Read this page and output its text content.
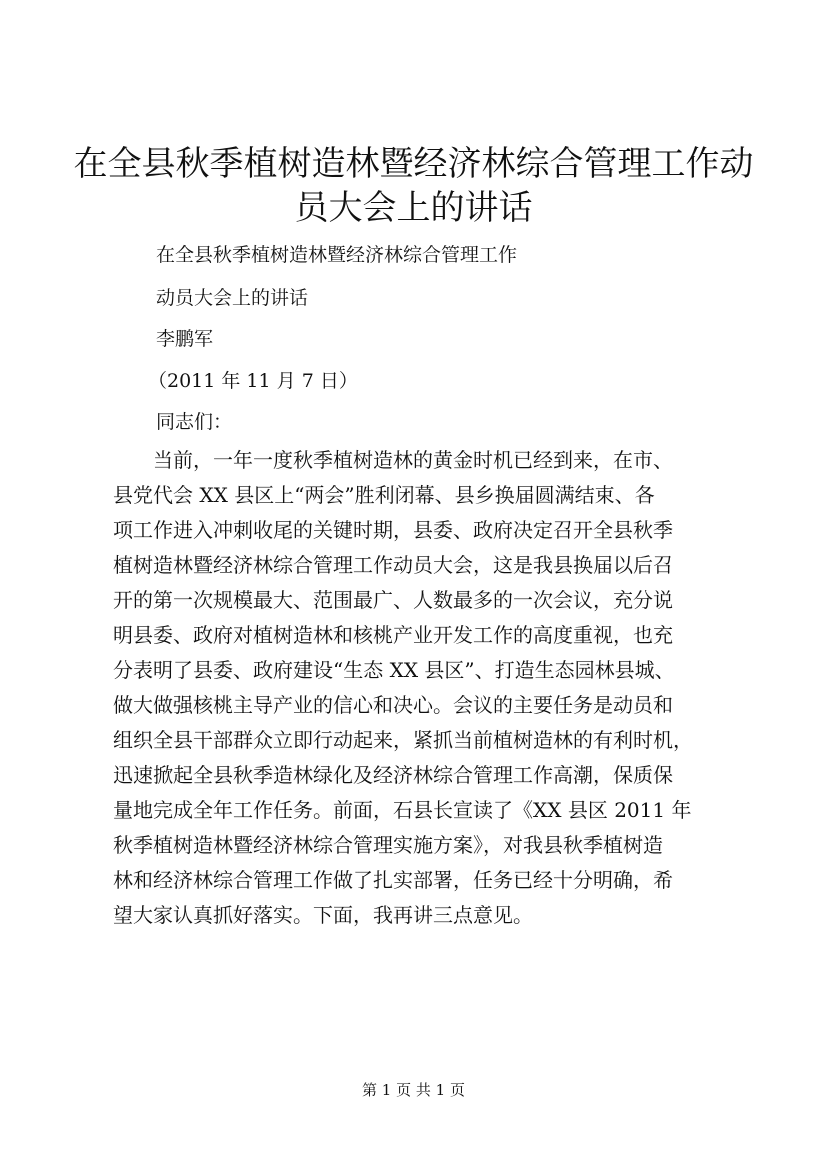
在全县秋季植树造林暨经济林综合管理工作动
员大会上的讲话
在全县秋季植树造林暨经济林综合管理工作
动员大会上的讲话
李鹏军
（2011 年 11 月 7 日）
同志们：
当前，一年一度秋季植树造林的黄金时机已经到来，在市、
县党代会 XX 县区上“两会”胜利闭幕、县乡换届圆满结束、各
项工作进入冲刺收尾的关键时期，县委、政府决定召开全县秋季
植树造林暨经济林综合管理工作动员大会，这是我县换届以后召
开的第一次规模最大、范围最广、人数最多的一次会议，充分说
明县委、政府对植树造林和核桃产业开发工作的高度重视，也充
分表明了县委、政府建设“生态 XX 县区”、打造生态园林县城、
做大做强核桃主导产业的信心和决心。会议的主要任务是动员和
组织全县干部群众立即行动起来，紧抓当前植树造林的有利时机，
迅速掀起全县秋季造林绿化及经济林综合管理工作高潮，保质保
量地完成全年工作任务。前面，石县长宣读了《XX 县区 2011 年
秋季植树造林暨经济林综合管理实施方案》，对我县秋季植树造
林和经济林综合管理工作做了扎实部署，任务已经十分明确，希
望大家认真抓好落实。下面，我再讲三点意见。
第 1 页 共 1 页
